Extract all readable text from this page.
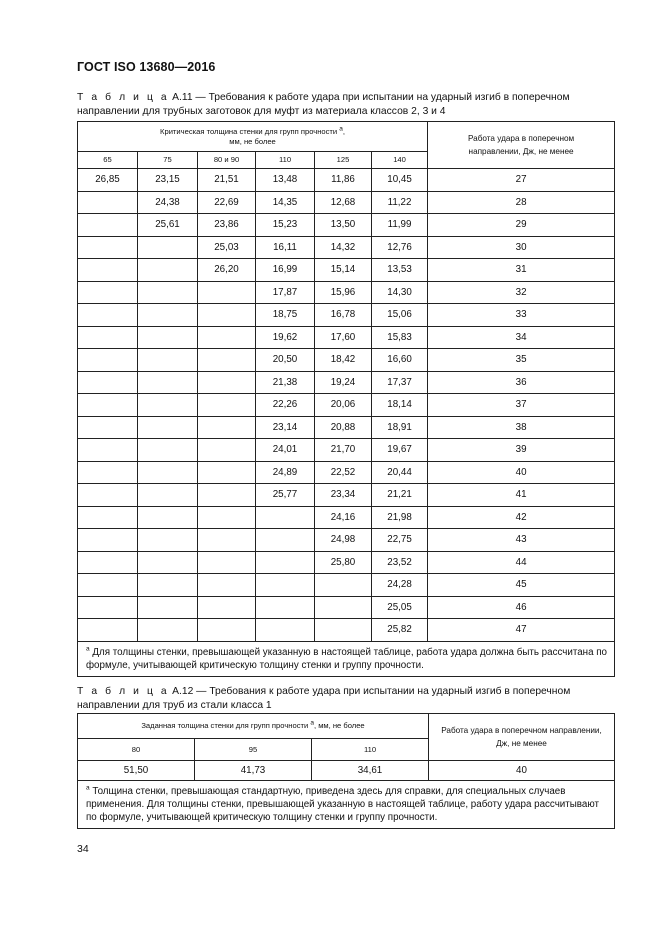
ГОСТ ISO 13680—2016
Т а б л и ц а А.11 — Требования к работе удара при испытании на ударный изгиб в поперечном направлении для трубных заготовок для муфт из материала классов 2, 3 и 4
Критическая толщина стенки для групп прочности a,
мм, не более						Работа удара в поперечном направлении, Дж, не менее
65	75	80 и 90	110	125	140	
26,85	23,15	21,51	13,48	11,86	10,45	27
	24,38	22,69	14,35	12,68	11,22	28
	25,61	23,86	15,23	13,50	11,99	29
		25,03	16,11	14,32	12,76	30
		26,20	16,99	15,14	13,53	31
			17,87	15,96	14,30	32
			18,75	16,78	15,06	33
			19,62	17,60	15,83	34
			20,50	18,42	16,60	35
			21,38	19,24	17,37	36
			22,26	20,06	18,14	37
			23,14	20,88	18,91	38
			24,01	21,70	19,67	39
			24,89	22,52	20,44	40
			25,77	23,34	21,21	41
				24,16	21,98	42
				24,98	22,75	43
				25,80	23,52	44
					24,28	45
					25,05	46
					25,82	47
$^a$ Для толщины стенки, превышающей указанную в настоящей таблице, работа удара должна быть рассчитана по формуле, учитывающей критическую толщину стенки и группу прочности.						
Т а б л и ц а А.12 — Требования к работе удара при испытании на ударный изгиб в поперечном направлении для труб из стали класса 1
Заданная толщина стенки для групп прочности a, мм, не более			Работа удара в поперечном направлении, Дж, не менее
80	95	110	
51,50	41,73	34,61	40
$^a$ Толщина стенки, превышающая стандартную, приведена здесь для справки, для специальных случаев применения. Для толщины стенки, превышающей указанную в настоящей таблице, работу удара рассчитывают по формуле, учитывающей критическую толщину стенки и группу прочности.			
34
